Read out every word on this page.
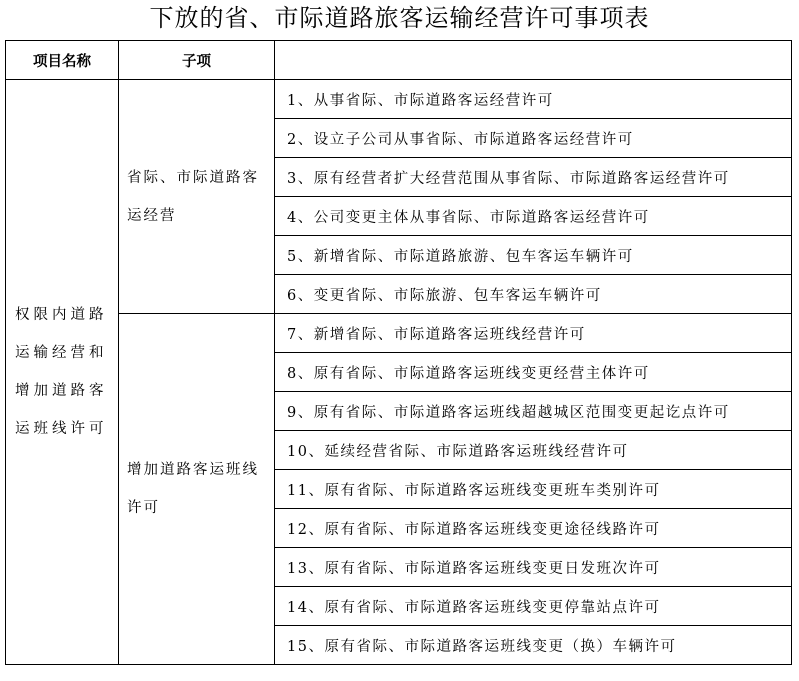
下放的省、市际道路旅客运输经营许可事项表
项目名称	子项	
权限内道路运输经营和增加道路客运班线许可	省际、市际道路客运经营	1、从事省际、市际道路客运经营许可
		2、设立子公司从事省际、市际道路客运经营许可
		3、原有经营者扩大经营范围从事省际、市际道路客运经营许可
		4、公司变更主体从事省际、市际道路客运经营许可
		5、新增省际、市际道路旅游、包车客运车辆许可
		6、变更省际、市际旅游、包车客运车辆许可
	增加道路客运班线许可	7、新增省际、市际道路客运班线经营许可
		8、原有省际、市际道路客运班线变更经营主体许可
		9、原有省际、市际道路客运班线超越城区范围变更起讫点许可
		10、延续经营省际、市际道路客运班线经营许可
		11、原有省际、市际道路客运班线变更班车类别许可
		12、原有省际、市际道路客运班线变更途径线路许可
		13、原有省际、市际道路客运班线变更日发班次许可
		14、原有省际、市际道路客运班线变更停靠站点许可
		15、原有省际、市际道路客运班线变更（换）车辆许可
